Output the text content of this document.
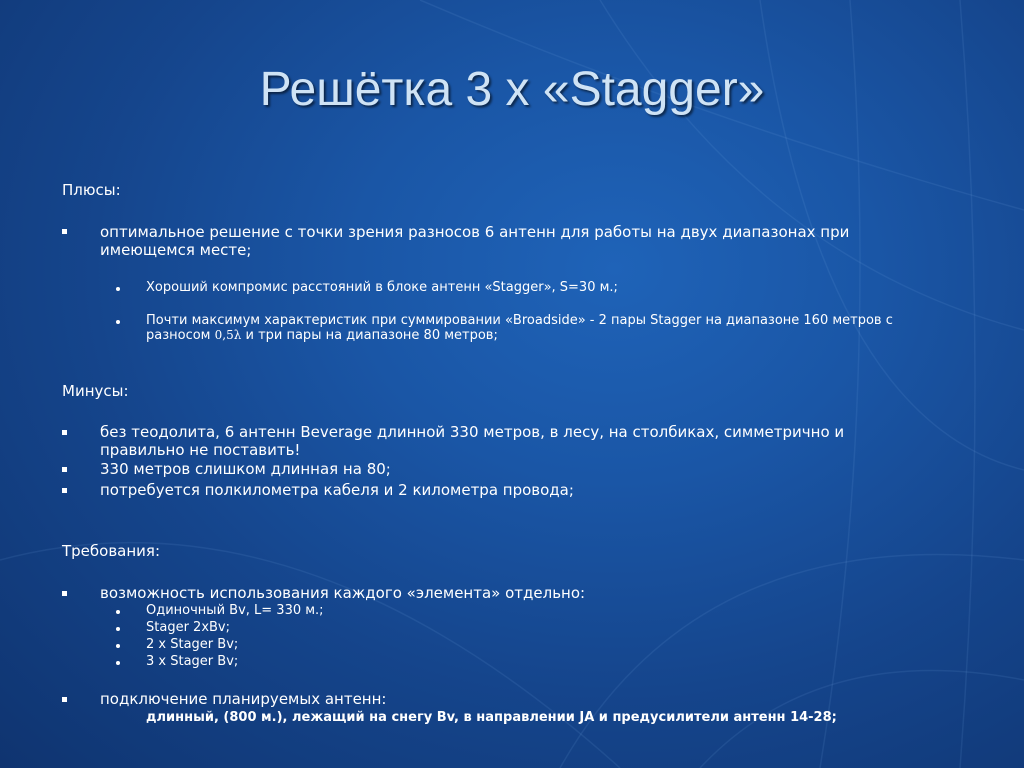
Решётка 3 x «Stagger»
Плюсы:
оптимальное решение с точки зрения разносов 6 антенн для работы на двух диапазонах при
имеющемся месте;
Хороший компромис расстояний в блоке антенн «Stagger», S=30 м.;
Почти максимум характеристик при суммировании «Broadside» - 2 пары Stagger на диапазоне 160 метров с
разносом 0,5λ и три пары на диапазоне 80 метров;
Минусы:
без теодолита, 6 антенн Beverage длинной 330 метров, в лесу, на столбиках, симметрично и
правильно не поставить!
330 метров слишком длинная на 80;
потребуется полкилометра кабеля и 2 километра провода;
Требования:
возможность использования каждого «элемента» отдельно:
Одиночный Bv, L= 330 м.;
Stager 2xBv;
2 x Stager Bv;
3 x Stager Bv;
подключение планируемых антенн:
длинный, (800 м.), лежащий на снегу Bv, в направлении JA и предусилители антенн 14-28;
